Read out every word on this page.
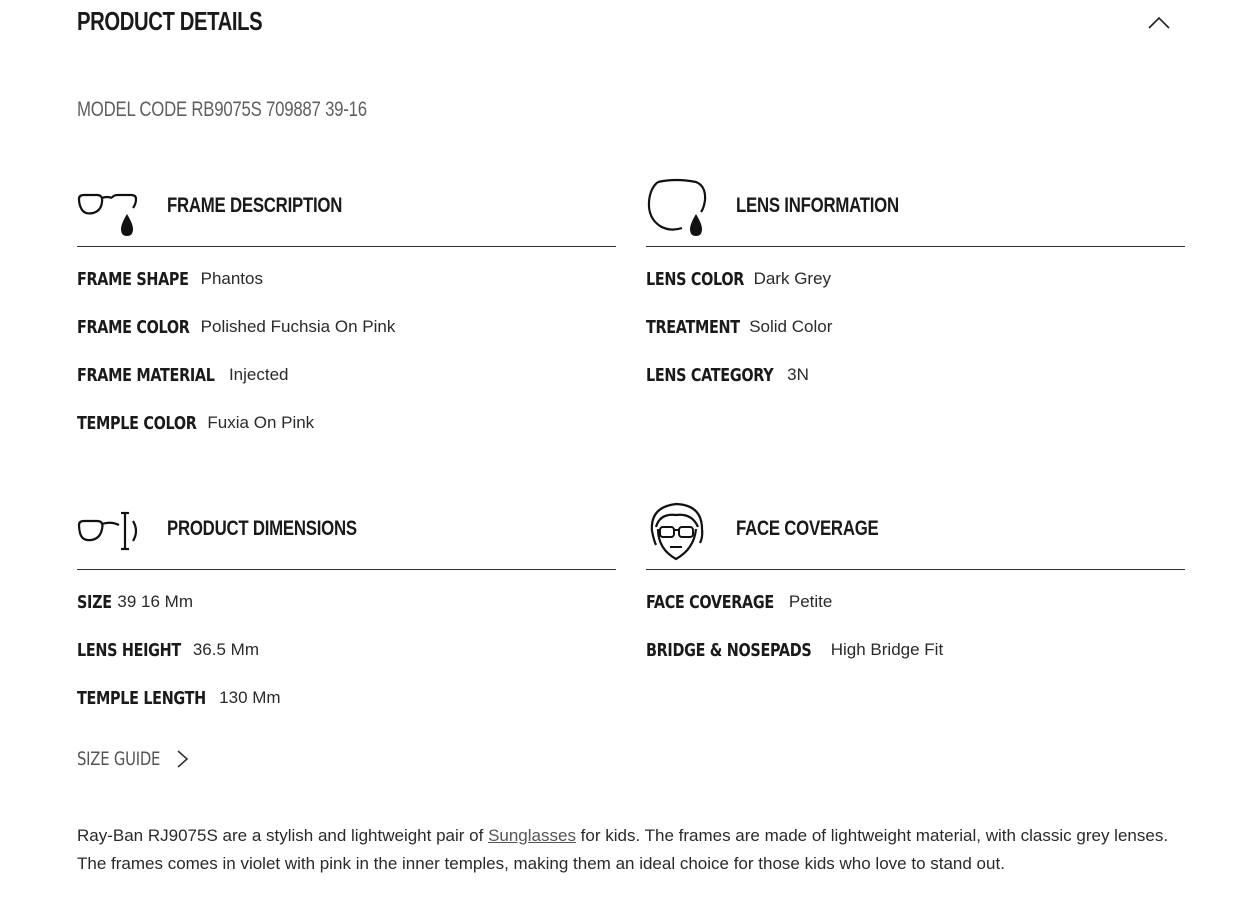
PRODUCT DETAILS
MODEL CODE RB9075S 709887 39-16
FRAME DESCRIPTION
FRAME SHAPE Phantos
FRAME COLOR Polished Fuchsia On Pink
FRAME MATERIAL Injected
TEMPLE COLOR Fuxia On Pink
LENS INFORMATION
LENS COLOR Dark Grey
TREATMENT Solid Color
LENS CATEGORY 3N
PRODUCT DIMENSIONS
SIZE 39 16 Mm
LENS HEIGHT 36.5 Mm
TEMPLE LENGTH 130 Mm
FACE COVERAGE
FACE COVERAGE Petite
BRIDGE & NOSEPADS High Bridge Fit
SIZE GUIDE
Ray-Ban RJ9075S are a stylish and lightweight pair of Sunglasses for kids. The frames are made of lightweight material, with classic grey lenses. The frames comes in violet with pink in the inner temples, making them an ideal choice for those kids who love to stand out.
